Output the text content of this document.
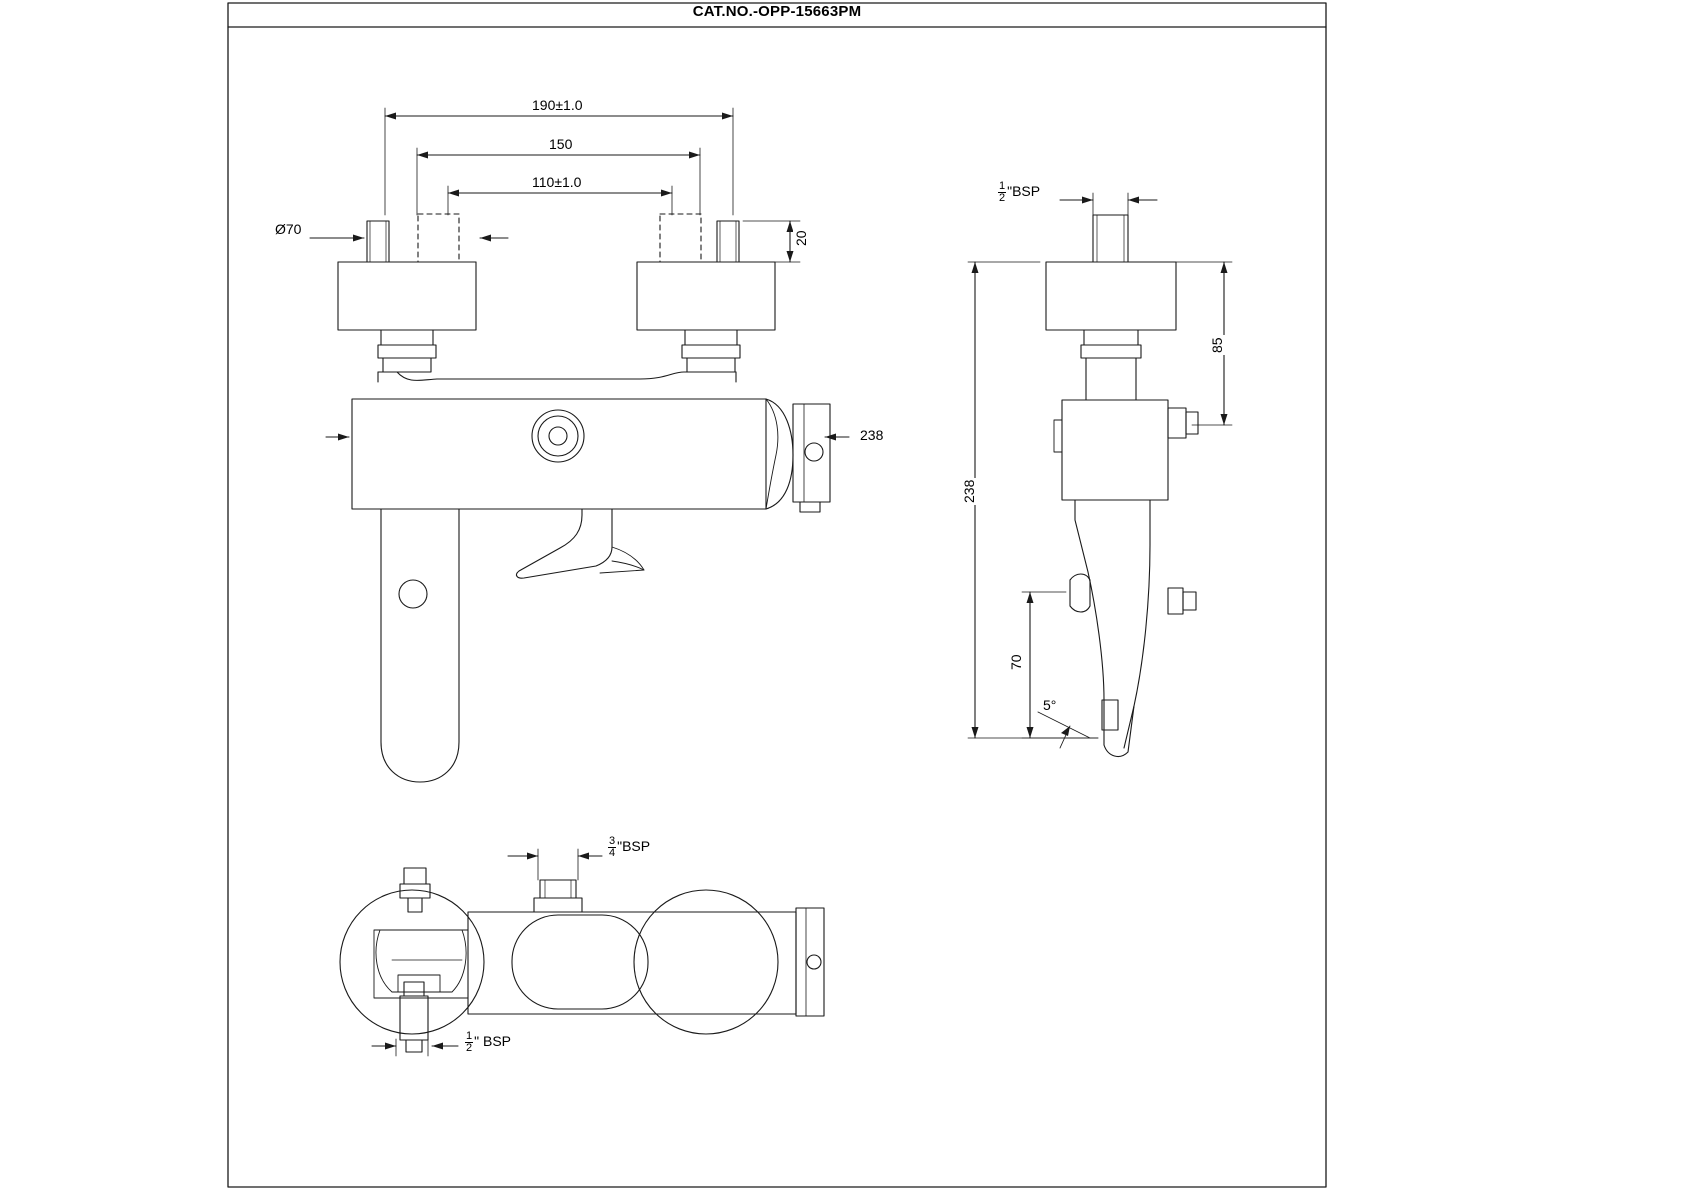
CAT.NO.-OPP-15663PM
190±1.0
150
110±1.0
Ø70
20
238
$\frac{1}{2}$ "BSP
85
238
70
5°
$\frac{3}{4}$ "BSP
$\frac{1}{2}$ " BSP
